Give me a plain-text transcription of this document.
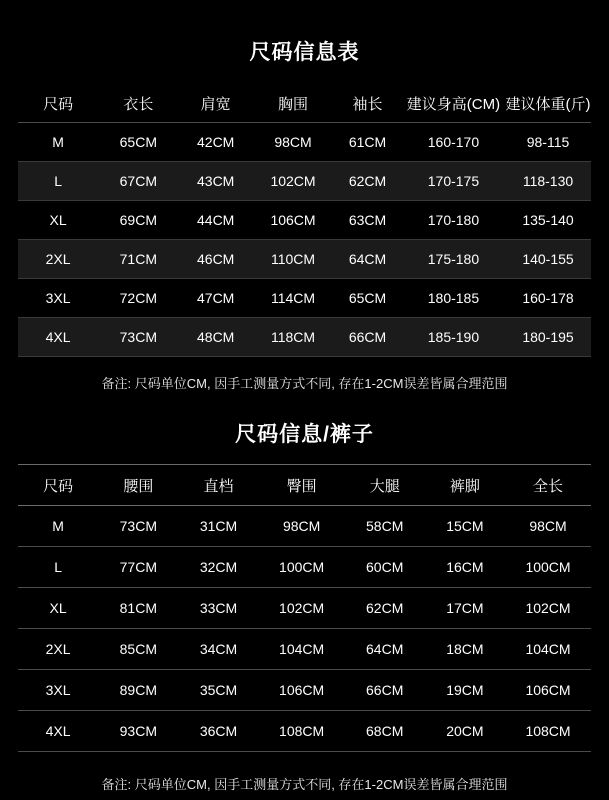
尺码信息表
尺码	衣长	肩宽	胸围	袖长	建议身高(CM)	建议体重(斤)
M	65CM	42CM	98CM	61CM	160-170	98-115
L	67CM	43CM	102CM	62CM	170-175	118-130
XL	69CM	44CM	106CM	63CM	170-180	135-140
2XL	71CM	46CM	110CM	64CM	175-180	140-155
3XL	72CM	47CM	114CM	65CM	180-185	160-178
4XL	73CM	48CM	118CM	66CM	185-190	180-195
备注: 尺码单位CM, 因手工测量方式不同, 存在1-2CM误差皆属合理范围
尺码信息/裤子
尺码	腰围	直档	臀围	大腿	裤脚	全长
M	73CM	31CM	98CM	58CM	15CM	98CM
L	77CM	32CM	100CM	60CM	16CM	100CM
XL	81CM	33CM	102CM	62CM	17CM	102CM
2XL	85CM	34CM	104CM	64CM	18CM	104CM
3XL	89CM	35CM	106CM	66CM	19CM	106CM
4XL	93CM	36CM	108CM	68CM	20CM	108CM
备注: 尺码单位CM, 因手工测量方式不同, 存在1-2CM误差皆属合理范围
